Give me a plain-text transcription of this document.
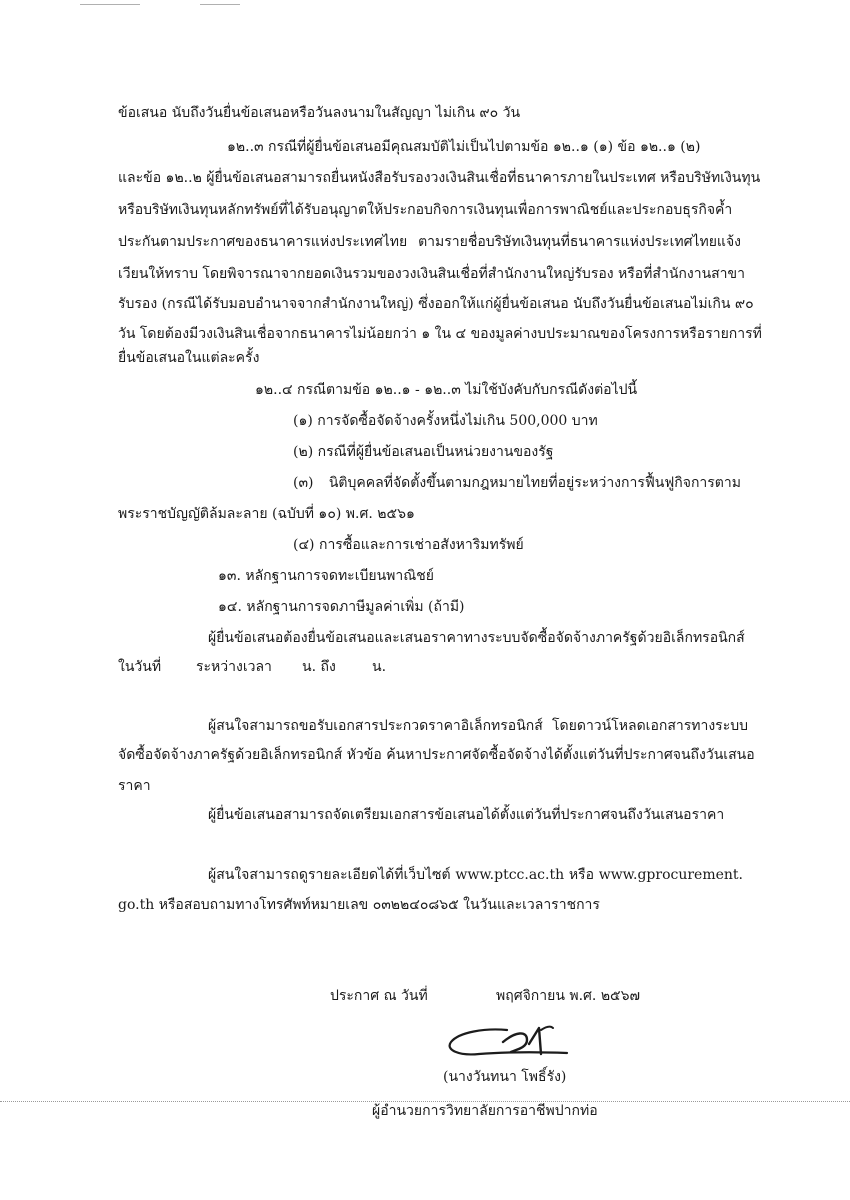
ข้อเสนอ นับถึงวันยื่นข้อเสนอหรือวันลงนามในสัญญา ไม่เกิน ๙๐ วัน
๑๒..๓ กรณีที่ผู้ยื่นข้อเสนอมีคุณสมบัติไม่เป็นไปตามข้อ ๑๒..๑ (๑) ข้อ ๑๒..๑ (๒)
และข้อ ๑๒..๒ ผู้ยื่นข้อเสนอสามารถยื่นหนังสือรับรองวงเงินสินเชื่อที่ธนาคารภายในประเทศ หรือบริษัทเงินทุน
หรือบริษัทเงินทุนหลักทรัพย์ที่ได้รับอนุญาตให้ประกอบกิจการเงินทุนเพื่อการพาณิชย์และประกอบธุรกิจค้ำ
ประกันตามประกาศของธนาคารแห่งประเทศไทย ตามรายชื่อบริษัทเงินทุนที่ธนาคารแห่งประเทศไทยแจ้ง
เวียนให้ทราบ โดยพิจารณาจากยอดเงินรวมของวงเงินสินเชื่อที่สำนักงานใหญ่รับรอง หรือที่สำนักงานสาขา
รับรอง (กรณีได้รับมอบอำนาจจากสำนักงานใหญ่) ซึ่งออกให้แก่ผู้ยื่นข้อเสนอ นับถึงวันยื่นข้อเสนอไม่เกิน ๙๐
วัน โดยต้องมีวงเงินสินเชื่อจากธนาคารไม่น้อยกว่า ๑ ใน ๔ ของมูลค่างบประมาณของโครงการหรือรายการที่
ยื่นข้อเสนอในแต่ละครั้ง
๑๒..๔ กรณีตามข้อ ๑๒..๑ - ๑๒..๓ ไม่ใช้บังคับกับกรณีดังต่อไปนี้
(๑) การจัดซื้อจัดจ้างครั้งหนึ่งไม่เกิน 500,000 บาท
(๒) กรณีที่ผู้ยื่นข้อเสนอเป็นหน่วยงานของรัฐ
(๓) นิติบุคคลที่จัดตั้งขึ้นตามกฎหมายไทยที่อยู่ระหว่างการฟื้นฟูกิจการตาม
พระราชบัญญัติล้มละลาย (ฉบับที่ ๑๐) พ.ศ. ๒๕๖๑
(๔) การซื้อและการเช่าอสังหาริมทรัพย์
๑๓. หลักฐานการจดทะเบียนพาณิชย์
๑๔. หลักฐานการจดภาษีมูลค่าเพิ่ม (ถ้ามี)
ผู้ยื่นข้อเสนอต้องยื่นข้อเสนอและเสนอราคาทางระบบจัดซื้อจัดจ้างภาครัฐด้วยอิเล็กทรอนิกส์
ในวันที่ ระหว่างเวลา น. ถึง	น.
ผู้สนใจสามารถขอรับเอกสารประกวดราคาอิเล็กทรอนิกส์ โดยดาวน์โหลดเอกสารทางระบบ
จัดซื้อจัดจ้างภาครัฐด้วยอิเล็กทรอนิกส์ หัวข้อ ค้นหาประกาศจัดซื้อจัดจ้างได้ตั้งแต่วันที่ประกาศจนถึงวันเสนอ
ราคา
ผู้ยื่นข้อเสนอสามารถจัดเตรียมเอกสารข้อเสนอได้ตั้งแต่วันที่ประกาศจนถึงวันเสนอราคา
ผู้สนใจสามารถดูรายละเอียดได้ที่เว็บไซต์ www.ptcc.ac.th หรือ www.gprocurement.
go.th หรือสอบถามทางโทรศัพท์หมายเลข ๐๓๒๒๔๐๘๖๕ ในวันและเวลาราชการ
ประกาศ ณ วันที่	พฤศจิกายน พ.ศ. ๒๕๖๗
(นางวันทนา โพธิ์รัง)
ผู้อำนวยการวิทยาลัยการอาชีพปากท่อ
